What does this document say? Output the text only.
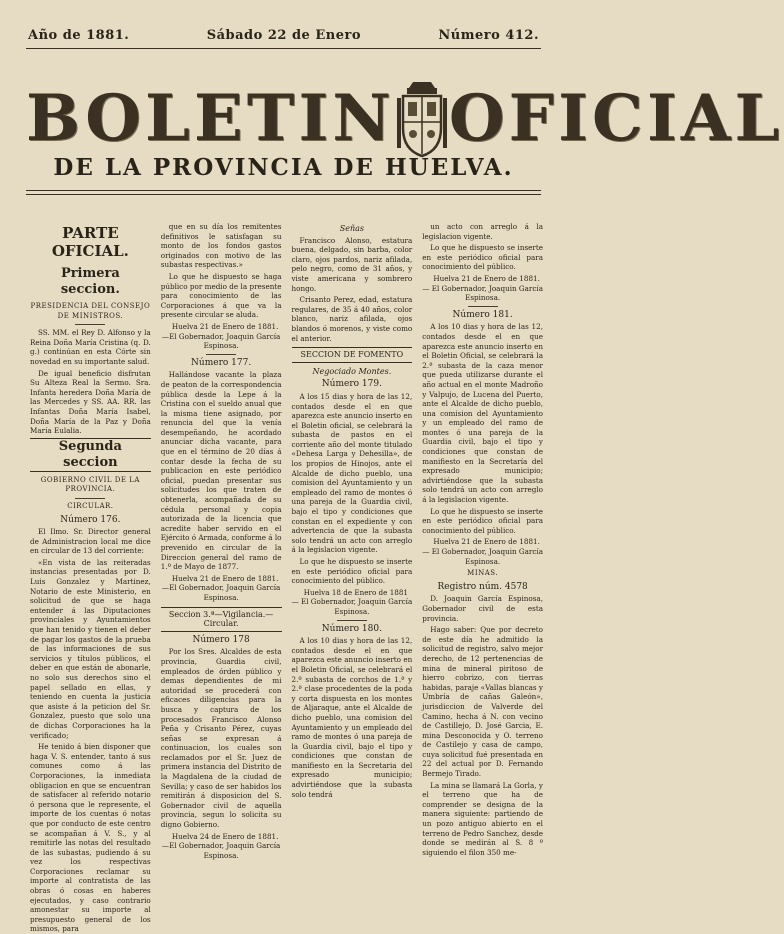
Año de 1881.	Sábado 22 de Enero	Número 412.
BOLETIN OFICIAL
DE LA PROVINCIA DE HUELVA.
PARTE OFICIAL.
Primera seccion.
PRESIDENCIA DEL CONSEJO DE MINISTROS.

SS. MM. el Rey D. Alfonso y la Reina Doña María Cristina (q. D. g.) continúan en esta Córte sin novedad en su importante salud.

De igual beneficio disfrutan Su Alteza Real la Sermo. Sra. Infanta heredera Doña María de las Mercedes y SS. AA. RR. las Infantas Doña María Isabel, Doña María de la Paz y Doña María Eulalia.

Segunda seccion
GOBIERNO CIVIL DE LA PROVINCIA.
CIRCULAR.
Número 176.

El Ilmo. Sr. Director general de Administracion local me dice en circular de 13 del corriente:

«En vista de las reiteradas instancias presentadas por D. Luis Gonzalez y Martinez, Notario de este Ministerio, en solicitud de que se haga entender á las Diputaciones provinciales y Ayuntamientos que han tenido y tienen el deber de pagar los gastos de la prueba de las informaciones de sus servicios y títulos públicos, el deber en que están de abonarle, no solo sus derechos sino el papel sellado en ellas, y teniendo en cuenta la justicia que asiste á la peticion del Sr. Gonzalez, puesto que solo una de dichas Corporaciones ha la verificado;

He tenido á bien disponer que haga V. S. entender, tanto á sus comunes como á las Corporaciones, la inmediata obligacion en que se encuentran de satisfacer al referido notario ó persona que le represente, el importe de los cuentas ó notas que por conducto de este centro se acompañan á V. S., y al remitirle las notas del resultado de las subastas, pudiendo á su vez los respectivas Corporaciones reclamar su importe al contratista de las obras ó cosas en haberes ejecutados, y caso contrario amonestar su importe al presupuesto general de los mismos, para

que en su día los remitentes definitivos le satisfagan su monto de los fondos gastos originados con motivo de las subastas respectivas.»

Lo que he dispuesto se haga público por medio de la presente para conocimiento de las Corporaciones á que va la presente circular se aluda.

Huelva 21 de Enero de 1881. —El Gobernador, Joaquin García Espinosa.

Número 177.

Hallándose vacante la plaza de peaton de la correspondencia pública desde la Lepe á la Cristina con el sueldo anual que la misma tiene asignado, por renuncia del que la venía desempeñando, he acordado anunciar dicha vacante, para que en el término de 20 días á contar desde la fecha de su publicacion en este periódico oficial, puedan presentar sus solicitudes los que traten de obtenerla, acompañada de su cédula personal y copia autorizada de la licencia que acredite haber servido en el Ejército ó Armada, conforme á lo prevenido en circular de la Direccion general del ramo de 1.º de Mayo de 1877.

Huelva 21 de Enero de 1881. —El Gobernador, Joaquin García Espinosa.

Seccion 3.ª—Vigilancia.—Circular.
Número 178

Por los Sres. Alcaldes de esta provincia, Guardia civil, empleados de órden público y demas dependientes de mi autoridad se procederá con eficaces diligencias para la busca y captura de los procesados Francisco Alonso Peña y Crisanto Pérez, cuyas señas se expresan á continuacion, los cuales son reclamados por el Sr. Juez de primera instancia del Distrito de la Magdalena de la ciudad de Sevilla; y caso de ser habidos los remitirán á disposicion del S. Gobernador civil de aquella provincia, segun lo solicita su digno Gobierno.

Huelva 24 de Enero de 1881. —El Gobernador, Joaquin García Espinosa.

Señas

Francisco Alonso, estatura buena, delgado, sin barba, color claro, ojos pardos, nariz afilada, pelo negro, como de 31 años, y viste americana y sombrero hongo.

Crisanto Perez, edad, estatura regulares, de 35 á 40 años, color blanco, nariz afilada, ojos blandos ó morenos, y viste como el anterior.

SECCION DE FOMENTO
Negociado Montes.
Número 179.

A los 15 dias y hora de las 12, contados desde el en que aparezca este anuncio inserto en el Boletin oficial, se celebrará la subasta de pastos en el corriente año del monte titulado «Dehesa Larga y Dehesilla», de los propios de Hinojos, ante el Alcalde de dicho pueblo, una comision del Ayuntamiento y un empleado del ramo de montes ó una pareja de la Guardia civil, bajo el tipo y condiciones que constan en el expediente y con advertencia de que la subasta solo tendrá un acto con arreglo á la legislacion vigente.

Lo que he dispuesto se inserte en este periódico oficial para conocimiento del público.

Huelva 18 de Enero de 1881 — El Gobernador, Joaquin García Espinosa.

Número 180.

A los 10 dias y hora de las 12, contados desde el en que aparezca este anuncio inserto en el Boletin Oficial, se celebrará el 2.º subasta de corchos de 1.ª y 2.ª clase procedentes de la poda y corta dispuesta en los montes de Aljaraque, ante el Alcalde de dicho pueblo, una comision del Ayuntamiento y un empleado del ramo de montes ó una pareja de la Guardia civil, bajo el tipo y condiciones que constan de manifiesto en la Secretaria del expresado municipio; advirtiéndose que la subasta solo tendrá

un acto con arreglo á la legislacion vigente.

Lo que he dispuesto se inserte en este periódico oficial para conocimiento del público.

Huelva 21 de Enero de 1881. — El Gobernador, Joaquin García Espinosa.

Número 181.

A los 10 dias y hora de las 12, contados desde el en que aparezca este anuncio inserto en el Boletin Oficial, se celebrará la 2.ª subasta de la caza menor que pueda utilizarse durante el año actual en el monte Madroño y Valpujo, de Lucena del Puerto, ante el Alcalde de dicho pueblo, una comision del Ayuntamiento y un empleado del ramo de montes ó una pareja de la Guardia civil, bajo el tipo y condiciones que constan de manifiesto en la Secretaría del expresado municipio; advirtiéndose que la subasta solo tendrá un acto con arreglo á la legislacion vigente.

Lo que he dispuesto se inserte en este periódico oficial para conocimiento del público.

Huelva 21 de Enero de 1881. — El Gobernador, Joaquin García Espinosa.

MINAS.
Registro núm. 4578

D. Joaquin García Espinosa, Gobernador civil de esta provincia.

Hago saber: Que por decreto de este día he admitido la solicitud de registro, salvo mejor derecho, de 12 pertenencias de mina de mineral piritoso de hierro cobrizo, con tierras habidas, paraje «Vallas blancas y Umbría de cañas Galeón», jurisdiccion de Valverde del Camino, hecha á N. con vecino de Castillejo, D. José Garcia, E. mina Desconocida y O. terreno de Castilejo y casa de campo, cuya solicitud fué presentada en 22 del actual por D. Fernando Bermejo Tirado.

La mina se llamará La Gorla, y el terreno que ha de comprender se designa de la manera siguiente: partiendo de un pozo antiguo abierto en el terreno de Pedro Sanchez, desde donde se medirán al S. 8 º siguiendo el filon 350 me-
